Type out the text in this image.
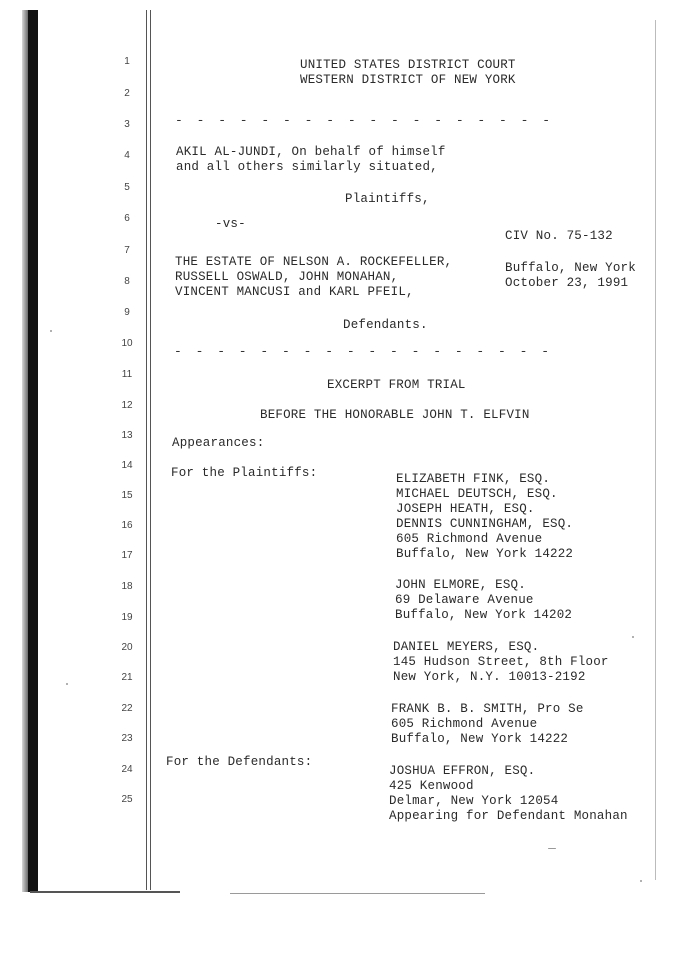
1
2
3
4
5
6
7
8
9
10
11
12
13
14
15
16
17
18
19
20
21
22
23
24
25
UNITED STATES DISTRICT COURT
WESTERN DISTRICT OF NEW YORK
- - - - - - - - - - - - - - - - - -
AKIL AL-JUNDI, On behalf of himself
and all others similarly situated,
Plaintiffs,
-vs-
CIV No. 75-132
THE ESTATE OF NELSON A. ROCKEFELLER,
RUSSELL OSWALD, JOHN MONAHAN,
VINCENT MANCUSI and KARL PFEIL,
Buffalo, New York
October 23, 1991
Defendants.
- - - - - - - - - - - - - - - - - -
EXCERPT FROM TRIAL
BEFORE THE HONORABLE JOHN T. ELFVIN
Appearances:
For the Plaintiffs:	ELIZABETH FINK, ESQ.
MICHAEL DEUTSCH, ESQ.
JOSEPH HEATH, ESQ.
DENNIS CUNNINGHAM, ESQ.
605 Richmond Avenue
Buffalo, New York 14222
JOHN ELMORE, ESQ.
69 Delaware Avenue
Buffalo, New York 14202
DANIEL MEYERS, ESQ.
145 Hudson Street, 8th Floor
New York, N.Y. 10013-2192
FRANK B. B. SMITH, Pro Se
605 Richmond Avenue
Buffalo, New York 14222
For the Defendants:
JOSHUA EFFRON, ESQ.
425 Kenwood
Delmar, New York 12054
Appearing for Defendant Monahan
